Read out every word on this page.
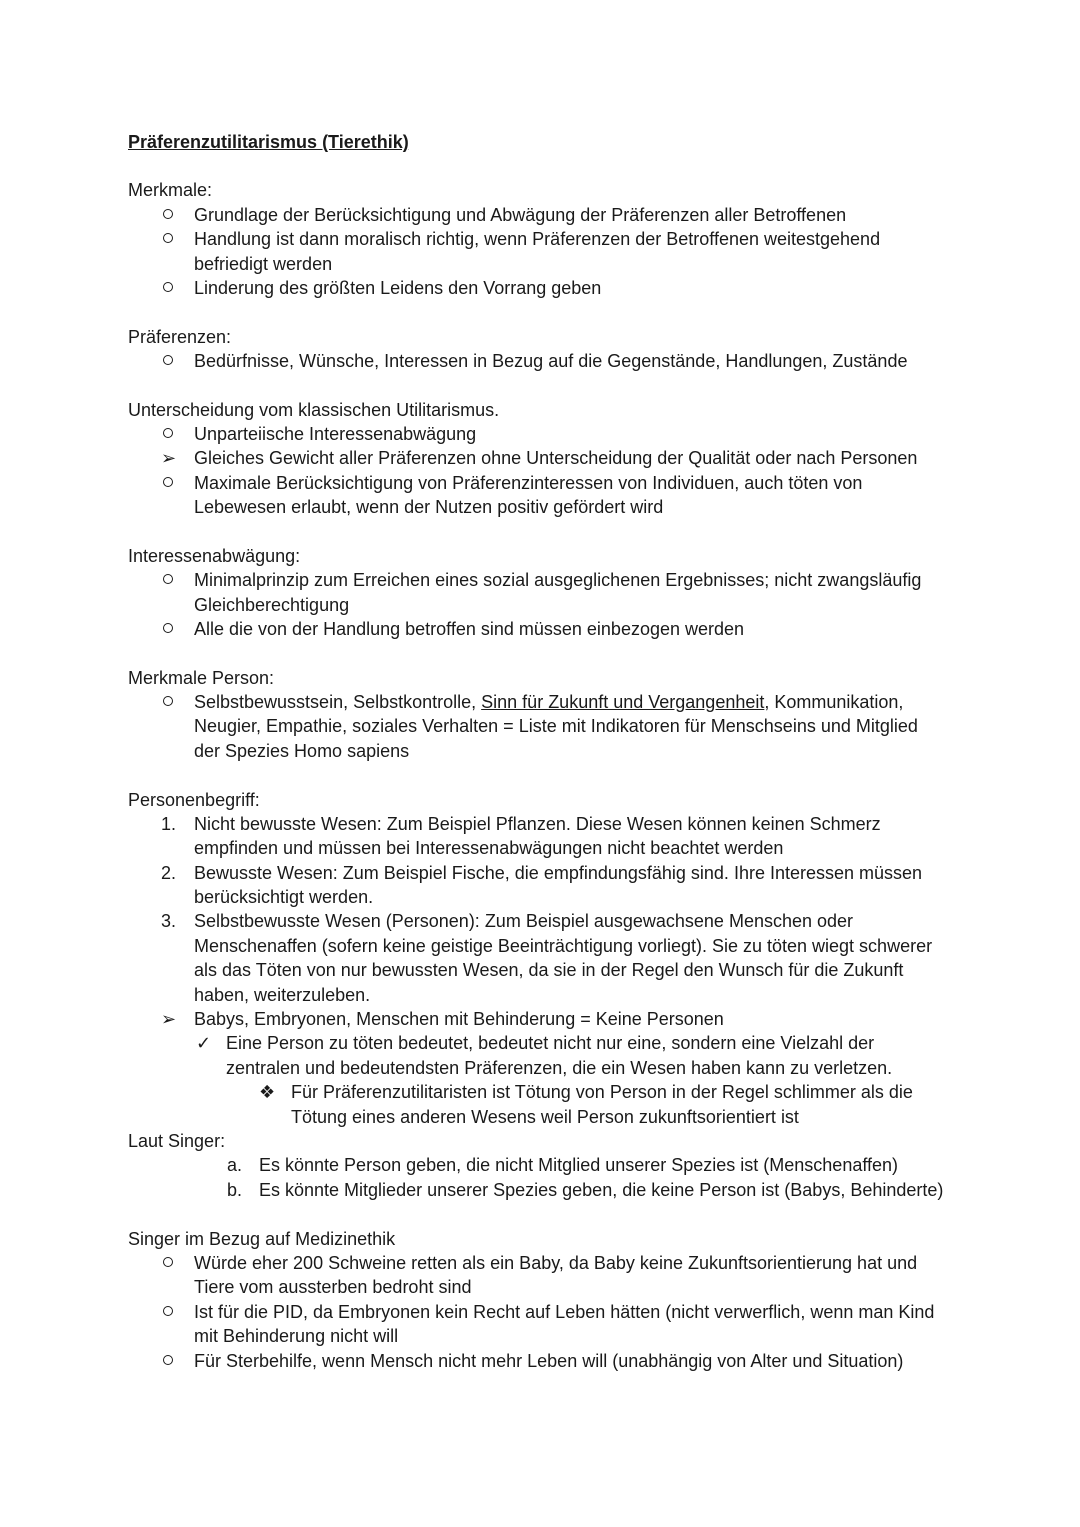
Präferenzutilitarismus (Tierethik)
Merkmale:
Grundlage der Berücksichtigung und Abwägung der Präferenzen aller Betroffenen
Handlung ist dann moralisch richtig, wenn Präferenzen der Betroffenen weitestgehend
befriedigt werden
Linderung des größten Leidens den Vorrang geben
Präferenzen:
Bedürfnisse, Wünsche, Interessen in Bezug auf die Gegenstände, Handlungen, Zustände
Unterscheidung vom klassischen Utilitarismus.
Unparteiische Interessenabwägung
➢ Gleiches Gewicht aller Präferenzen ohne Unterscheidung der Qualität oder nach Personen
Maximale Berücksichtigung von Präferenzinteressen von Individuen, auch töten von
Lebewesen erlaubt, wenn der Nutzen positiv gefördert wird
Interessenabwägung:
Minimalprinzip zum Erreichen eines sozial ausgeglichenen Ergebnisses; nicht zwangsläufig
Gleichberechtigung
Alle die von der Handlung betroffen sind müssen einbezogen werden
Merkmale Person:
Selbstbewusstsein, Selbstkontrolle, Sinn für Zukunft und Vergangenheit, Kommunikation,
Neugier, Empathie, soziales Verhalten = Liste mit Indikatoren für Menschseins und Mitglied
der Spezies Homo sapiens
Personenbegriff:
1. Nicht bewusste Wesen: Zum Beispiel Pflanzen. Diese Wesen können keinen Schmerz
empfinden und müssen bei Interessenabwägungen nicht beachtet werden
2. Bewusste Wesen: Zum Beispiel Fische, die empfindungsfähig sind. Ihre Interessen müssen
berücksichtigt werden.
3. Selbstbewusste Wesen (Personen): Zum Beispiel ausgewachsene Menschen oder
Menschenaffen (sofern keine geistige Beeinträchtigung vorliegt). Sie zu töten wiegt schwerer
als das Töten von nur bewussten Wesen, da sie in der Regel den Wunsch für die Zukunft
haben, weiterzuleben.
➢ Babys, Embryonen, Menschen mit Behinderung = Keine Personen
✓ Eine Person zu töten bedeutet, bedeutet nicht nur eine, sondern eine Vielzahl der
zentralen und bedeutendsten Präferenzen, die ein Wesen haben kann zu verletzen.
❖ Für Präferenzutilitaristen ist Tötung von Person in der Regel schlimmer als die
Tötung eines anderen Wesens weil Person zukunftsorientiert ist
Laut Singer:
a. Es könnte Person geben, die nicht Mitglied unserer Spezies ist (Menschenaffen)
b. Es könnte Mitglieder unserer Spezies geben, die keine Person ist (Babys, Behinderte)
Singer im Bezug auf Medizinethik
Würde eher 200 Schweine retten als ein Baby, da Baby keine Zukunftsorientierung hat und
Tiere vom aussterben bedroht sind
Ist für die PID, da Embryonen kein Recht auf Leben hätten (nicht verwerflich, wenn man Kind
mit Behinderung nicht will
Für Sterbehilfe, wenn Mensch nicht mehr Leben will (unabhängig von Alter und Situation)
